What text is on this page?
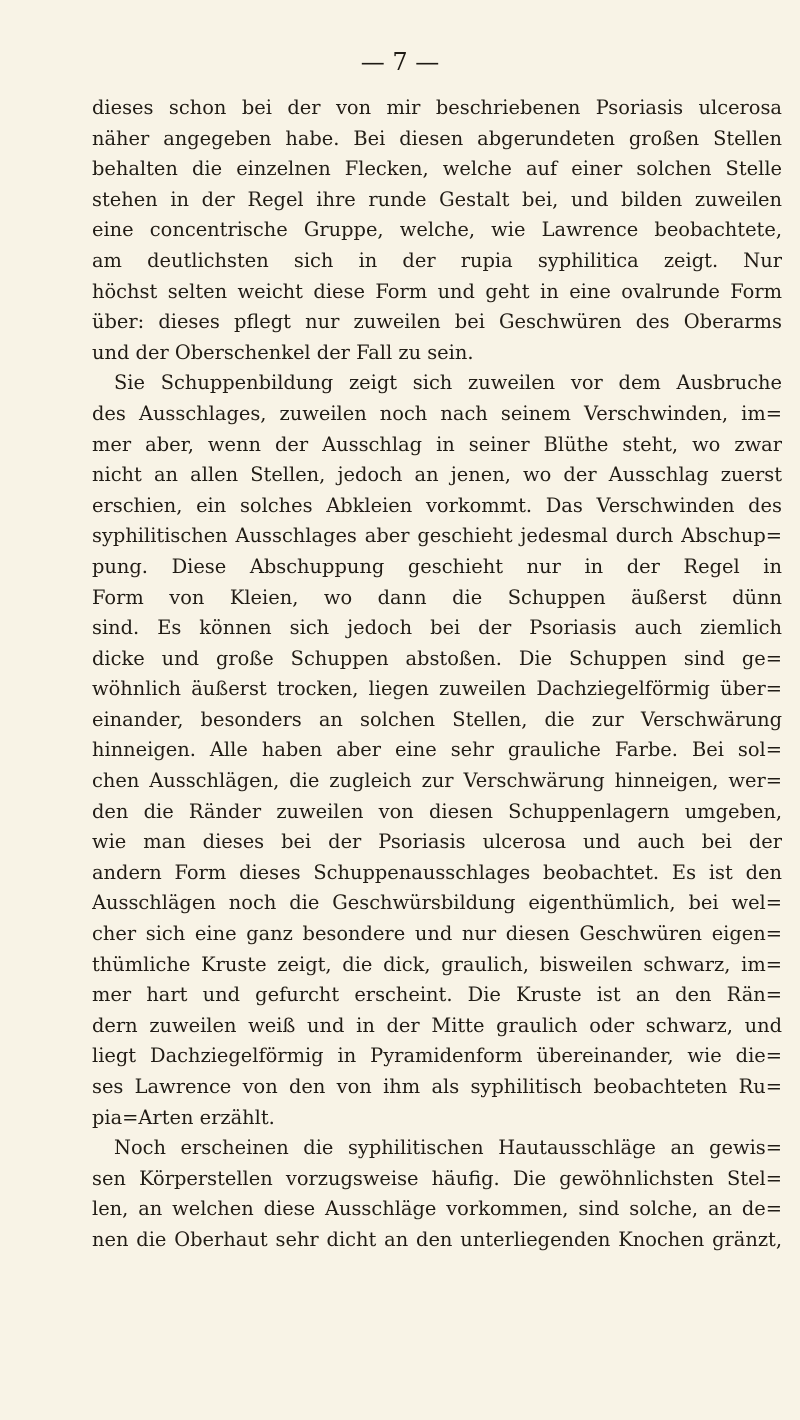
— 7 —
dieses schon bei der von mir beschriebenen Psoriasis ulcerosa
näher angegeben habe. Bei diesen abgerundeten großen Stellen
behalten die einzelnen Flecken, welche auf einer solchen Stelle
stehen in der Regel ihre runde Gestalt bei, und bilden zuweilen
eine concentrische Gruppe, welche, wie Lawrence beobachtete,
am deutlichsten sich in der rupia syphilitica zeigt. Nur
höchst selten weicht diese Form und geht in eine ovalrunde Form
über: dieses pflegt nur zuweilen bei Geschwüren des Oberarms
und der Oberschenkel der Fall zu sein.
Sie Schuppenbildung zeigt sich zuweilen vor dem Ausbruche
des Ausschlages, zuweilen noch nach seinem Verschwinden, im=
mer aber, wenn der Ausschlag in seiner Blüthe steht, wo zwar
nicht an allen Stellen, jedoch an jenen, wo der Ausschlag zuerst
erschien, ein solches Abkleien vorkommt. Das Verschwinden des
syphilitischen Ausschlages aber geschieht jedesmal durch Abschup=
pung. Diese Abschuppung geschieht nur in der Regel in
Form von Kleien, wo dann die Schuppen äußerst dünn
sind. Es können sich jedoch bei der Psoriasis auch ziemlich
dicke und große Schuppen abstoßen. Die Schuppen sind ge=
wöhnlich äußerst trocken, liegen zuweilen Dachziegelförmig über=
einander, besonders an solchen Stellen, die zur Verschwärung
hinneigen. Alle haben aber eine sehr grauliche Farbe. Bei sol=
chen Ausschlägen, die zugleich zur Verschwärung hinneigen, wer=
den die Ränder zuweilen von diesen Schuppenlagern umgeben,
wie man dieses bei der Psoriasis ulcerosa und auch bei der
andern Form dieses Schuppenausschlages beobachtet. Es ist den
Ausschlägen noch die Geschwürsbildung eigenthümlich, bei wel=
cher sich eine ganz besondere und nur diesen Geschwüren eigen=
thümliche Kruste zeigt, die dick, graulich, bisweilen schwarz, im=
mer hart und gefurcht erscheint. Die Kruste ist an den Rän=
dern zuweilen weiß und in der Mitte graulich oder schwarz, und
liegt Dachziegelförmig in Pyramidenform übereinander, wie die=
ses Lawrence von den von ihm als syphilitisch beobachteten Ru=
pia=Arten erzählt.
Noch erscheinen die syphilitischen Hautausschläge an gewis=
sen Körperstellen vorzugsweise häufig. Die gewöhnlichsten Stel=
len, an welchen diese Ausschläge vorkommen, sind solche, an de=
nen die Oberhaut sehr dicht an den unterliegenden Knochen gränzt,
